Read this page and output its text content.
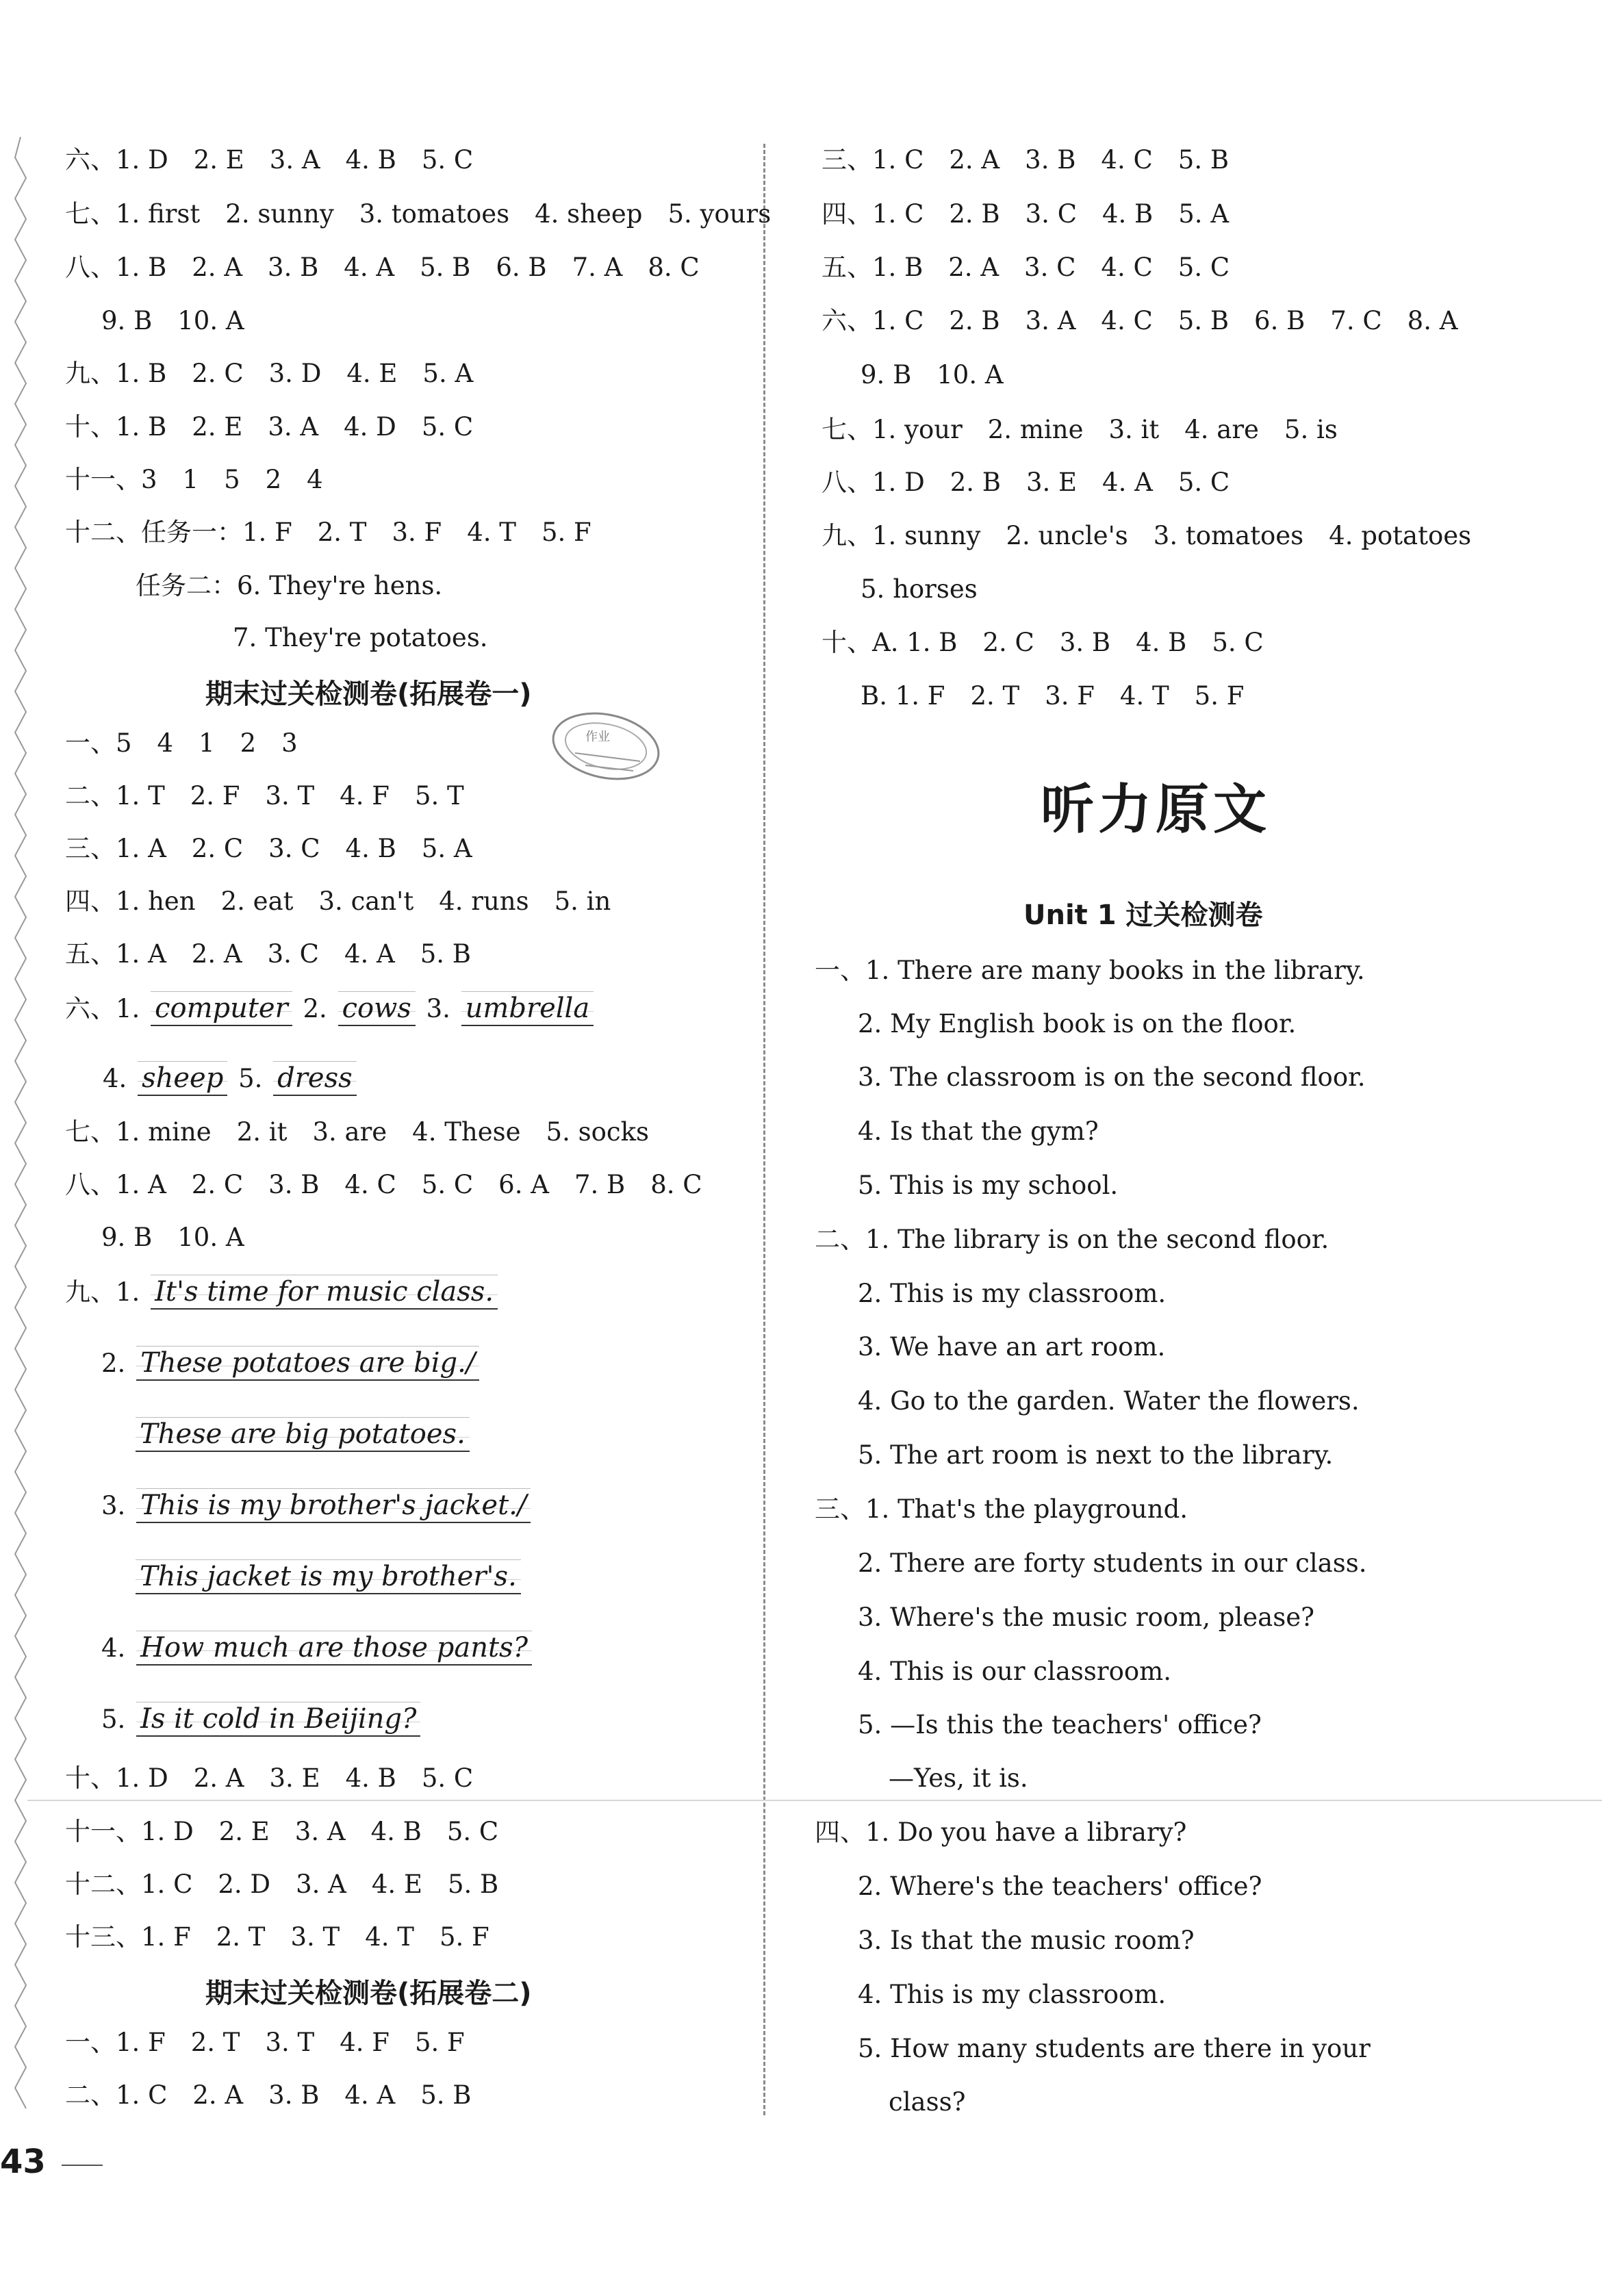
六、1. D　2. E　3. A　4. B　5. C
七、1. first　2. sunny　3. tomatoes　4. sheep　5. yours
八、1. B　2. A　3. B　4. A　5. B　6. B　7. A　8. C
9. B　10. A
九、1. B　2. C　3. D　4. E　5. A
十、1. B　2. E　3. A　4. D　5. C
十一、3　1　5　2　4
十二、任务一：1. F　2. T　3. F　4. T　5. F
任务二：6. They're hens.
7. They're potatoes.
期末过关检测卷(拓展卷一)
作业
一、5　4　1　2　3
二、1. T　2. F　3. T　4. F　5. T
三、1. A　2. C　3. C　4. B　5. A
四、1. hen　2. eat　3. can't　4. runs　5. in
五、1. A　2. A　3. C　4. A　5. B
六、1. computer 2. cows 3. umbrella
4. sheep 5. dress
七、1. mine　2. it　3. are　4. These　5. socks
八、1. A　2. C　3. B　4. C　5. C　6. A　7. B　8. C
9. B　10. A
九、1. It's time for music class.
2. These potatoes are big./
These are big potatoes.
3. This is my brother's jacket./
This jacket is my brother's.
4. How much are those pants?
5. Is it cold in Beijing?
十、1. D　2. A　3. E　4. B　5. C
十一、1. D　2. E　3. A　4. B　5. C
十二、1. C　2. D　3. A　4. E　5. B
十三、1. F　2. T　3. T　4. T　5. F
期末过关检测卷(拓展卷二)
一、1. F　2. T　3. T　4. F　5. F
二、1. C　2. A　3. B　4. A　5. B
三、1. C　2. A　3. B　4. C　5. B
四、1. C　2. B　3. C　4. B　5. A
五、1. B　2. A　3. C　4. C　5. C
六、1. C　2. B　3. A　4. C　5. B　6. B　7. C　8. A
9. B　10. A
七、1. your　2. mine　3. it　4. are　5. is
八、1. D　2. B　3. E　4. A　5. C
九、1. sunny　2. uncle's　3. tomatoes　4. potatoes
5. horses
十、A. 1. B　2. C　3. B　4. B　5. C
B. 1. F　2. T　3. F　4. T　5. F
听力原文
Unit 1 过关检测卷
一、1. There are many books in the library.
2. My English book is on the floor.
3. The classroom is on the second floor.
4. Is that the gym?
5. This is my school.
二、1. The library is on the second floor.
2. This is my classroom.
3. We have an art room.
4. Go to the garden. Water the flowers.
5. The art room is next to the library.
三、1. That's the playground.
2. There are forty students in our class.
3. Where's the music room, please?
4. This is our classroom.
5. —Is this the teachers' office?
—Yes, it is.
四、1. Do you have a library?
2. Where's the teachers' office?
3. Is that the music room?
4. This is my classroom.
5. How many students are there in your
class?
43
